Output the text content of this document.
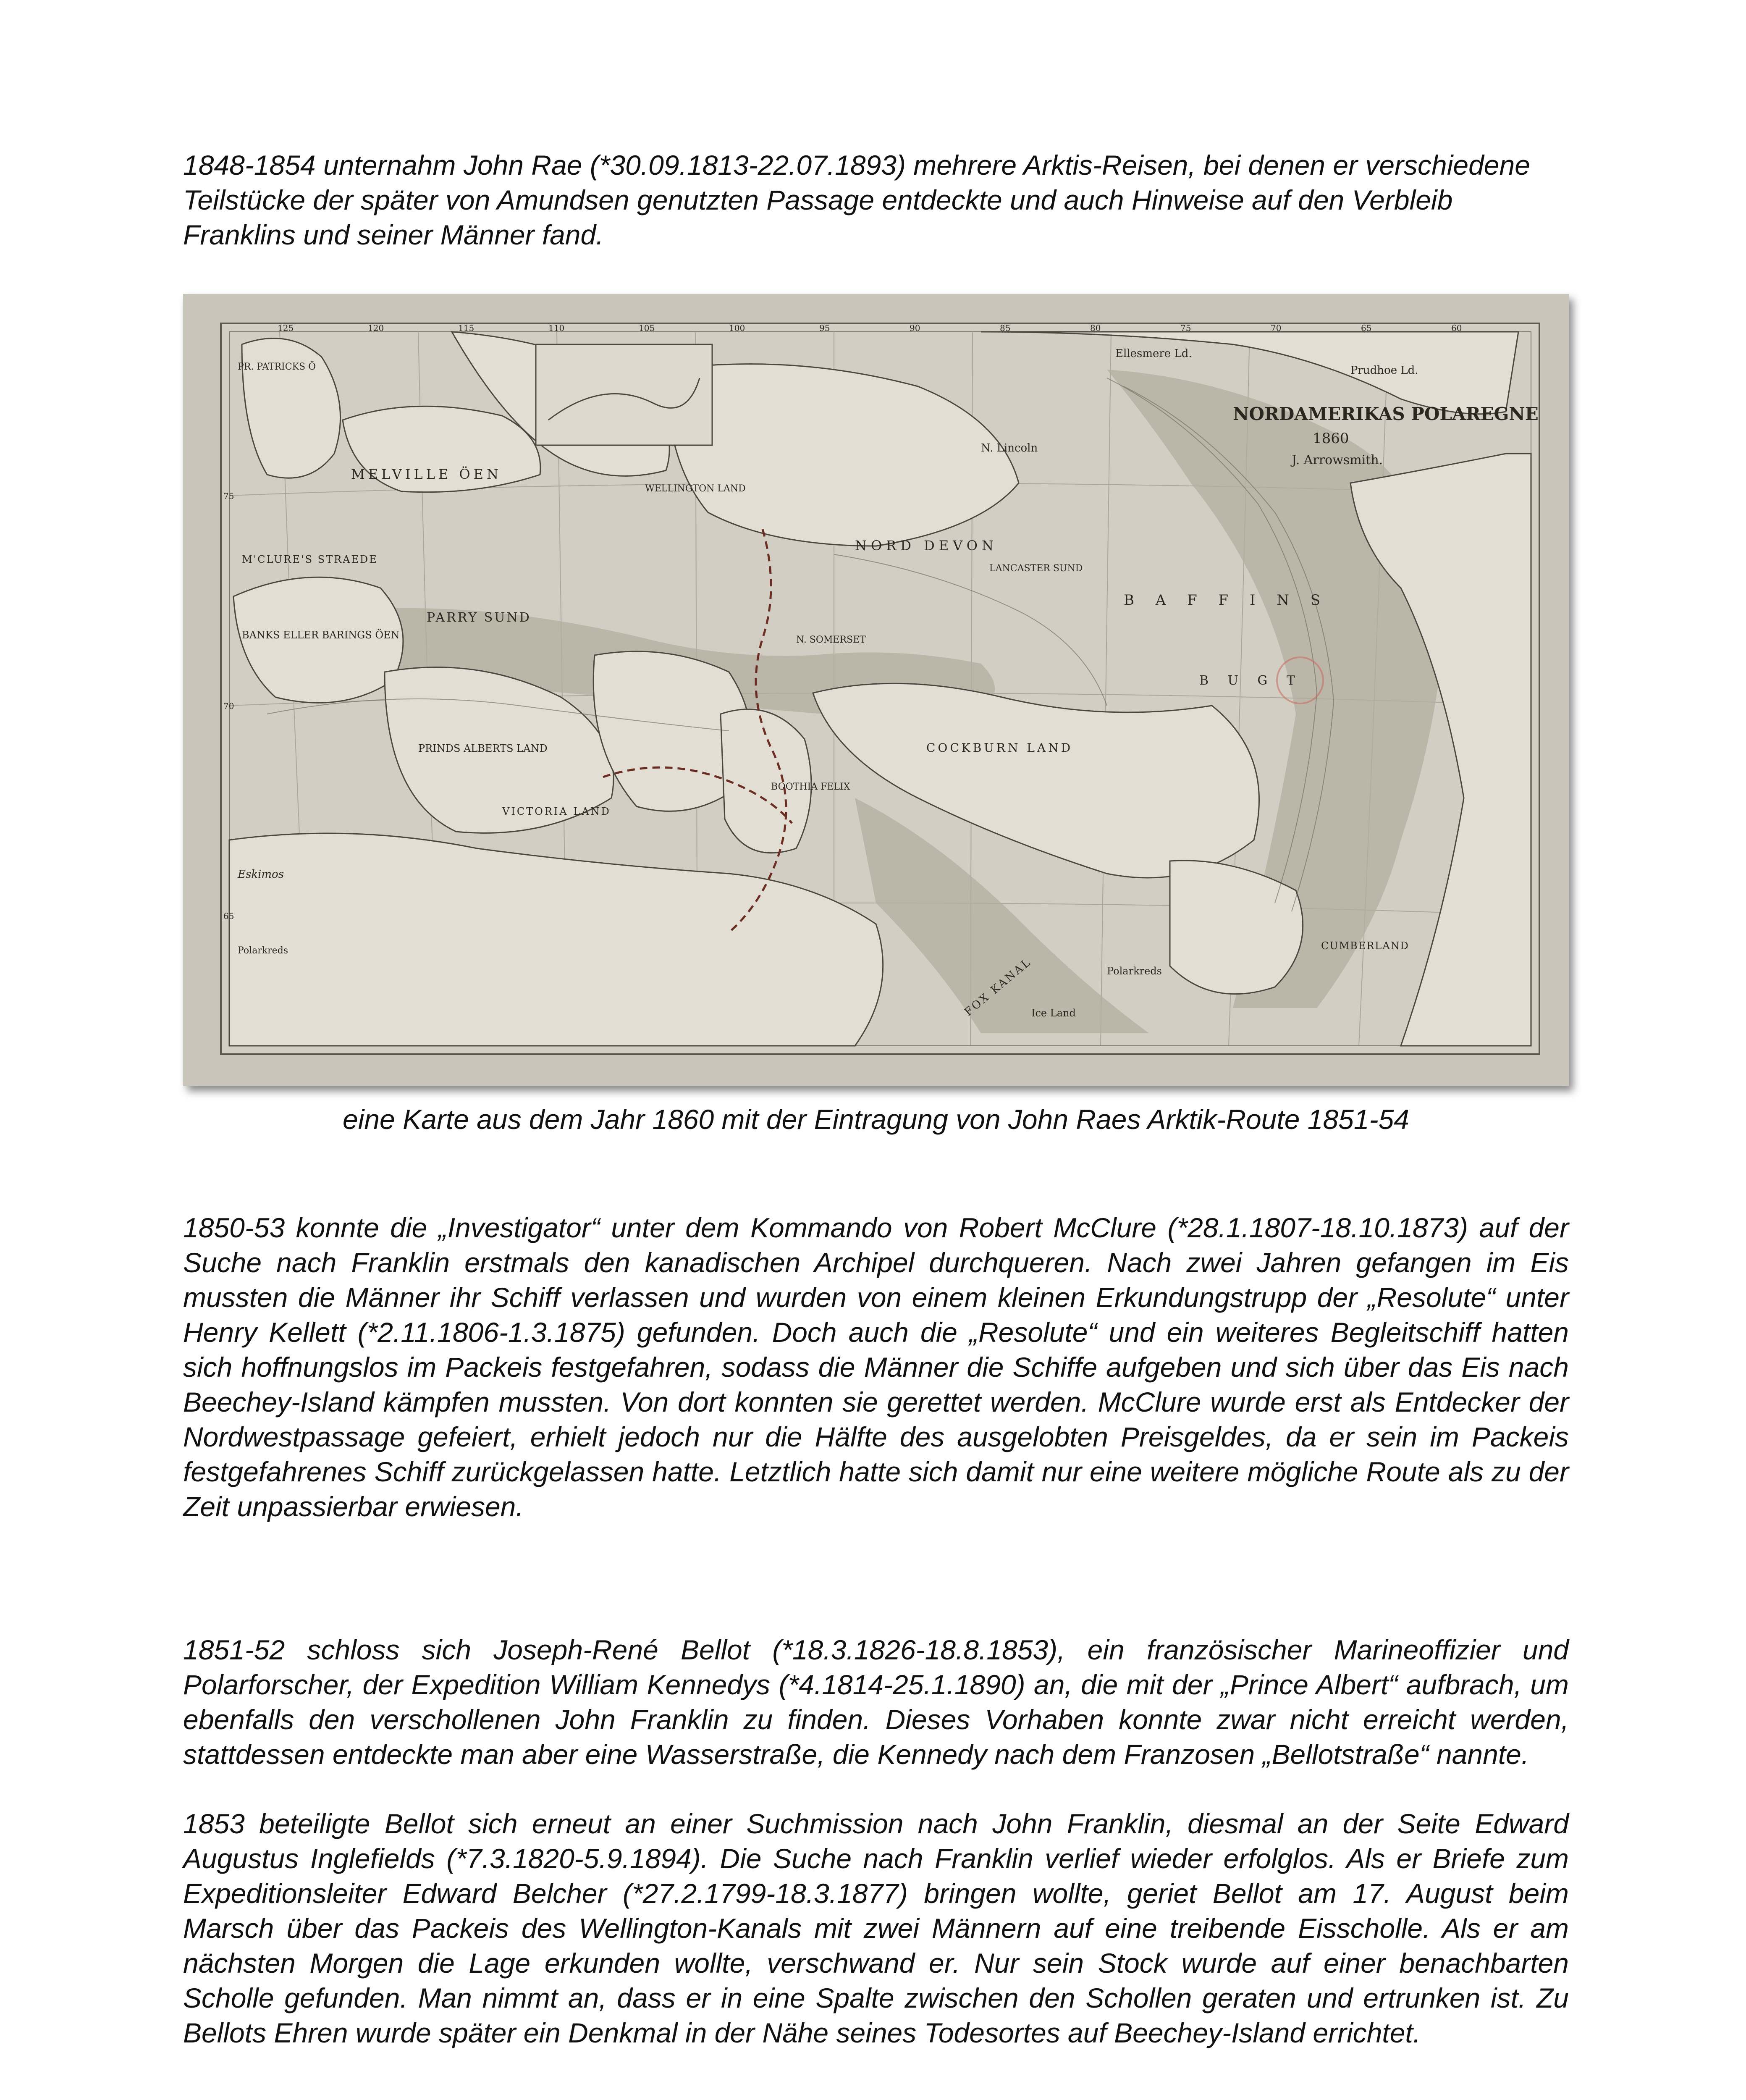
1848-1854 unternahm John Rae (*30.09.1813-22.07.1893) mehrere Arktis-Reisen, bei denen er verschiedene Teilstücke der später von Amundsen genutzten Passage entdeckte und auch Hinweise auf den Verbleib Franklins und seiner Männer fand.

NORDAMERIKAS POLAREGNE
1860
J. Arrowsmith.
Ellesmere Ld.
Prudhoe Ld.
N. Lincoln
MELVILLE ÖEN
NORD DEVON
B A F F I N S
B U G T
COCKBURN LAND
PARRY SUND
M'CLURE'S STRAEDE
PR. PATRICKS Ö
BANKS ELLER BARINGS ÖEN
PRINDS ALBERTS LAND
VICTORIA LAND
BOOTHIA FELIX
N. SOMERSET
LANCASTER SUND
WELLINGTON LAND
CUMBERLAND
Polarkreds
Polarkreds
Ice Land
Eskimos
FOX KANAL
125	120	115	110	105	100	95	90	85	80	75	70	65	60
75
70
65
eine Karte aus dem Jahr 1860 mit der Eintragung von John Raes Arktik-Route 1851-54

1850-53 konnte die „Investigator“ unter dem Kommando von Robert McClure (*28.1.1807-18.10.1873) auf der Suche nach Franklin erstmals den kanadischen Archipel durchqueren. Nach zwei Jahren gefangen im Eis mussten die Männer ihr Schiff verlassen und wurden von einem kleinen Erkundungstrupp der „Resolute“ unter Henry Kellett (*2.11.1806-1.3.1875) gefunden. Doch auch die „Resolute“ und ein weiteres Begleitschiff hatten sich hoffnungslos im Packeis festgefahren, sodass die Männer die Schiffe aufgeben und sich über das Eis nach Beechey-Island kämpfen mussten. Von dort konnten sie gerettet werden. McClure wurde erst als Entdecker der Nordwestpassage gefeiert, erhielt jedoch nur die Hälfte des ausgelobten Preisgeldes, da er sein im Packeis festgefahrenes Schiff zurückgelassen hatte. Letztlich hatte sich damit nur eine weitere mögliche Route als zu der Zeit unpassierbar erwiesen.

1851-52 schloss sich Joseph-René Bellot (*18.3.1826-18.8.1853), ein französischer Marineoffizier und Polarforscher, der Expedition William Kennedys (*4.1814-25.1.1890) an, die mit der „Prince Albert“ aufbrach, um ebenfalls den verschollenen John Franklin zu finden. Dieses Vorhaben konnte zwar nicht erreicht werden, stattdessen entdeckte man aber eine Wasserstraße, die Kennedy nach dem Franzosen „Bellotstraße“ nannte.

1853 beteiligte Bellot sich erneut an einer Suchmission nach John Franklin, diesmal an der Seite Edward Augustus Inglefields (*7.3.1820-5.9.1894). Die Suche nach Franklin verlief wieder erfolglos. Als er Briefe zum Expeditionsleiter Edward Belcher (*27.2.1799-18.3.1877) bringen wollte, geriet Bellot am 17. August beim Marsch über das Packeis des Wellington-Kanals mit zwei Männern auf eine treibende Eisscholle. Als er am nächsten Morgen die Lage erkunden wollte, verschwand er. Nur sein Stock wurde auf einer benachbarten Scholle gefunden. Man nimmt an, dass er in eine Spalte zwischen den Schollen geraten und ertrunken ist. Zu Bellots Ehren wurde später ein Denkmal in der Nähe seines Todesortes auf Beechey-Island errichtet.
